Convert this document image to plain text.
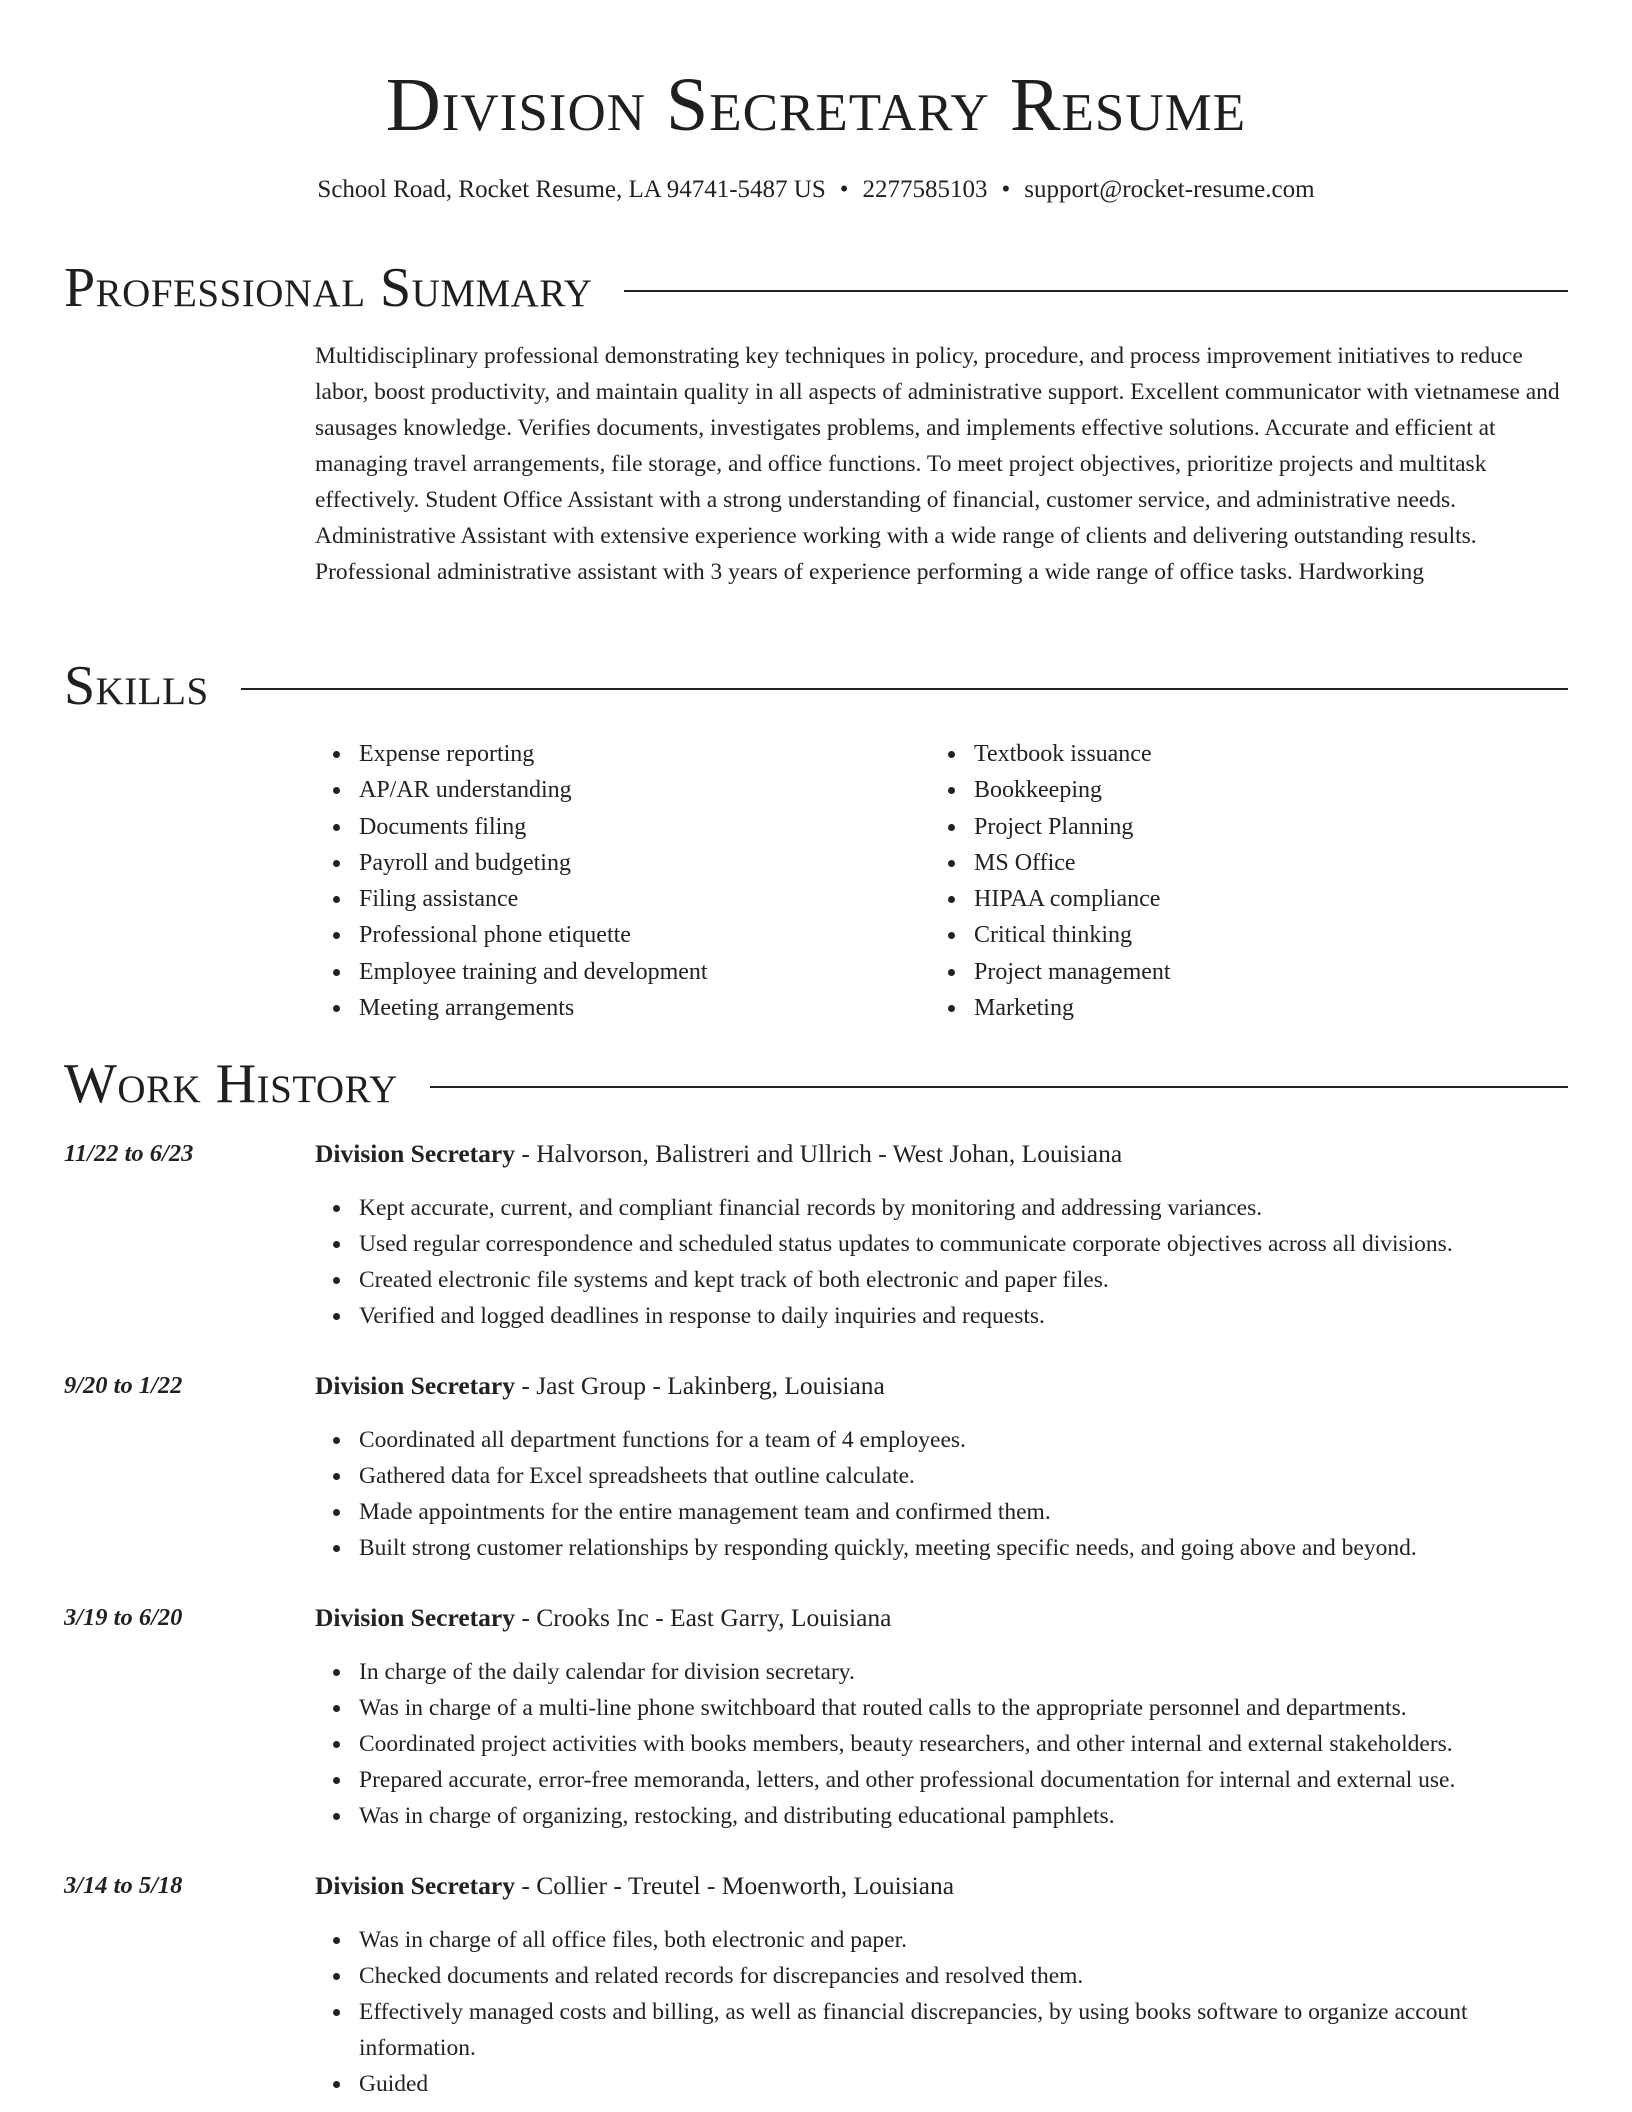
Division Secretary Resume
School Road, Rocket Resume, LA 94741-5487 US • 2277585103 • support@rocket-resume.com
Professional Summary

Multidisciplinary professional demonstrating key techniques in policy, procedure, and process improvement initiatives to reduce labor, boost productivity, and maintain quality in all aspects of administrative support. Excellent communicator with vietnamese and sausages knowledge. Verifies documents, investigates problems, and implements effective solutions. Accurate and efficient at managing travel arrangements, file storage, and office functions. To meet project objectives, prioritize projects and multitask effectively. Student Office Assistant with a strong understanding of financial, customer service, and administrative needs. Administrative Assistant with extensive experience working with a wide range of clients and delivering outstanding results. Professional administrative assistant with 3 years of experience performing a wide range of office tasks. Hardworking

Skills
Expense reporting
AP/AR understanding
Documents filing
Payroll and budgeting
Filing assistance
Professional phone etiquette
Employee training and development
Meeting arrangements
Textbook issuance
Bookkeeping
Project Planning
MS Office
HIPAA compliance
Critical thinking
Project management
Marketing
Work History
11/22 to 6/23	Division Secretary - Halvorson, Balistreri and Ullrich - West Johan, Louisiana
Kept accurate, current, and compliant financial records by monitoring and addressing variances.
Used regular correspondence and scheduled status updates to communicate corporate objectives across all divisions.
Created electronic file systems and kept track of both electronic and paper files.
Verified and logged deadlines in response to daily inquiries and requests.
9/20 to 1/22	Division Secretary - Jast Group - Lakinberg, Louisiana
Coordinated all department functions for a team of 4 employees.
Gathered data for Excel spreadsheets that outline calculate.
Made appointments for the entire management team and confirmed them.
Built strong customer relationships by responding quickly, meeting specific needs, and going above and beyond.
3/19 to 6/20	Division Secretary - Crooks Inc - East Garry, Louisiana
In charge of the daily calendar for division secretary.
Was in charge of a multi-line phone switchboard that routed calls to the appropriate personnel and departments.
Coordinated project activities with books members, beauty researchers, and other internal and external stakeholders.
Prepared accurate, error-free memoranda, letters, and other professional documentation for internal and external use.
Was in charge of organizing, restocking, and distributing educational pamphlets.
3/14 to 5/18	Division Secretary - Collier - Treutel - Moenworth, Louisiana
Was in charge of all office files, both electronic and paper.
Checked documents and related records for discrepancies and resolved them.
Effectively managed costs and billing, as well as financial discrepancies, by using books software to organize account information.
Guided
